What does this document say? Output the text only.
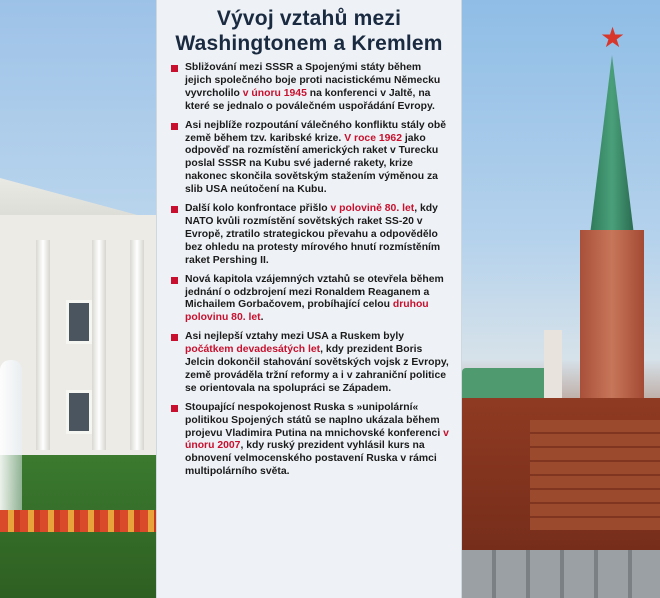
★
Vývoj vztahů mezi
Washingtonem a Kremlem
Sbližování mezi SSSR a Spojenými státy během jejich společného boje proti nacistickému Německu vyvrcholilo v únoru 1945 na konferenci v Jaltě, na které se jednalo o poválečném uspořádání Evropy.
Asi nejblíže rozpoutání válečného konfliktu stály obě země během tzv. karibské krize. V roce 1962 jako odpověď na rozmístění amerických raket v Turecku poslal SSSR na Kubu své jaderné rakety, krize nakonec skončila sovětským stažením výměnou za slib USA neútočení na Kubu.
Další kolo konfrontace přišlo v polovině 80. let, kdy NATO kvůli rozmístění sovětských raket SS-20 v Evropě, ztratilo strategickou převahu a odpovědělo bez ohledu na protesty mírového hnutí rozmístěním raket Pershing II.
Nová kapitola vzájemných vztahů se otevřela během jednání o odzbrojení mezi Ronaldem Reaganem a Michailem Gorbačovem, probíhající celou druhou polovinu 80. let.
Asi nejlepší vztahy mezi USA a Ruskem byly počátkem devadesátých let, kdy prezident Boris Jelcin dokončil stahování sovětských vojsk z Evropy, země prováděla tržní reformy a i v zahraniční politice se orientovala na spolupráci se Západem.
Stoupající nespokojenost Ruska s »unipolární« politikou Spojených států se naplno ukázala během projevu Vladimira Putina na mnichovské konferenci v únoru 2007, kdy ruský prezident vyhlásil kurs na obnovení velmocenského postavení Ruska v rámci multipolárního světa.
